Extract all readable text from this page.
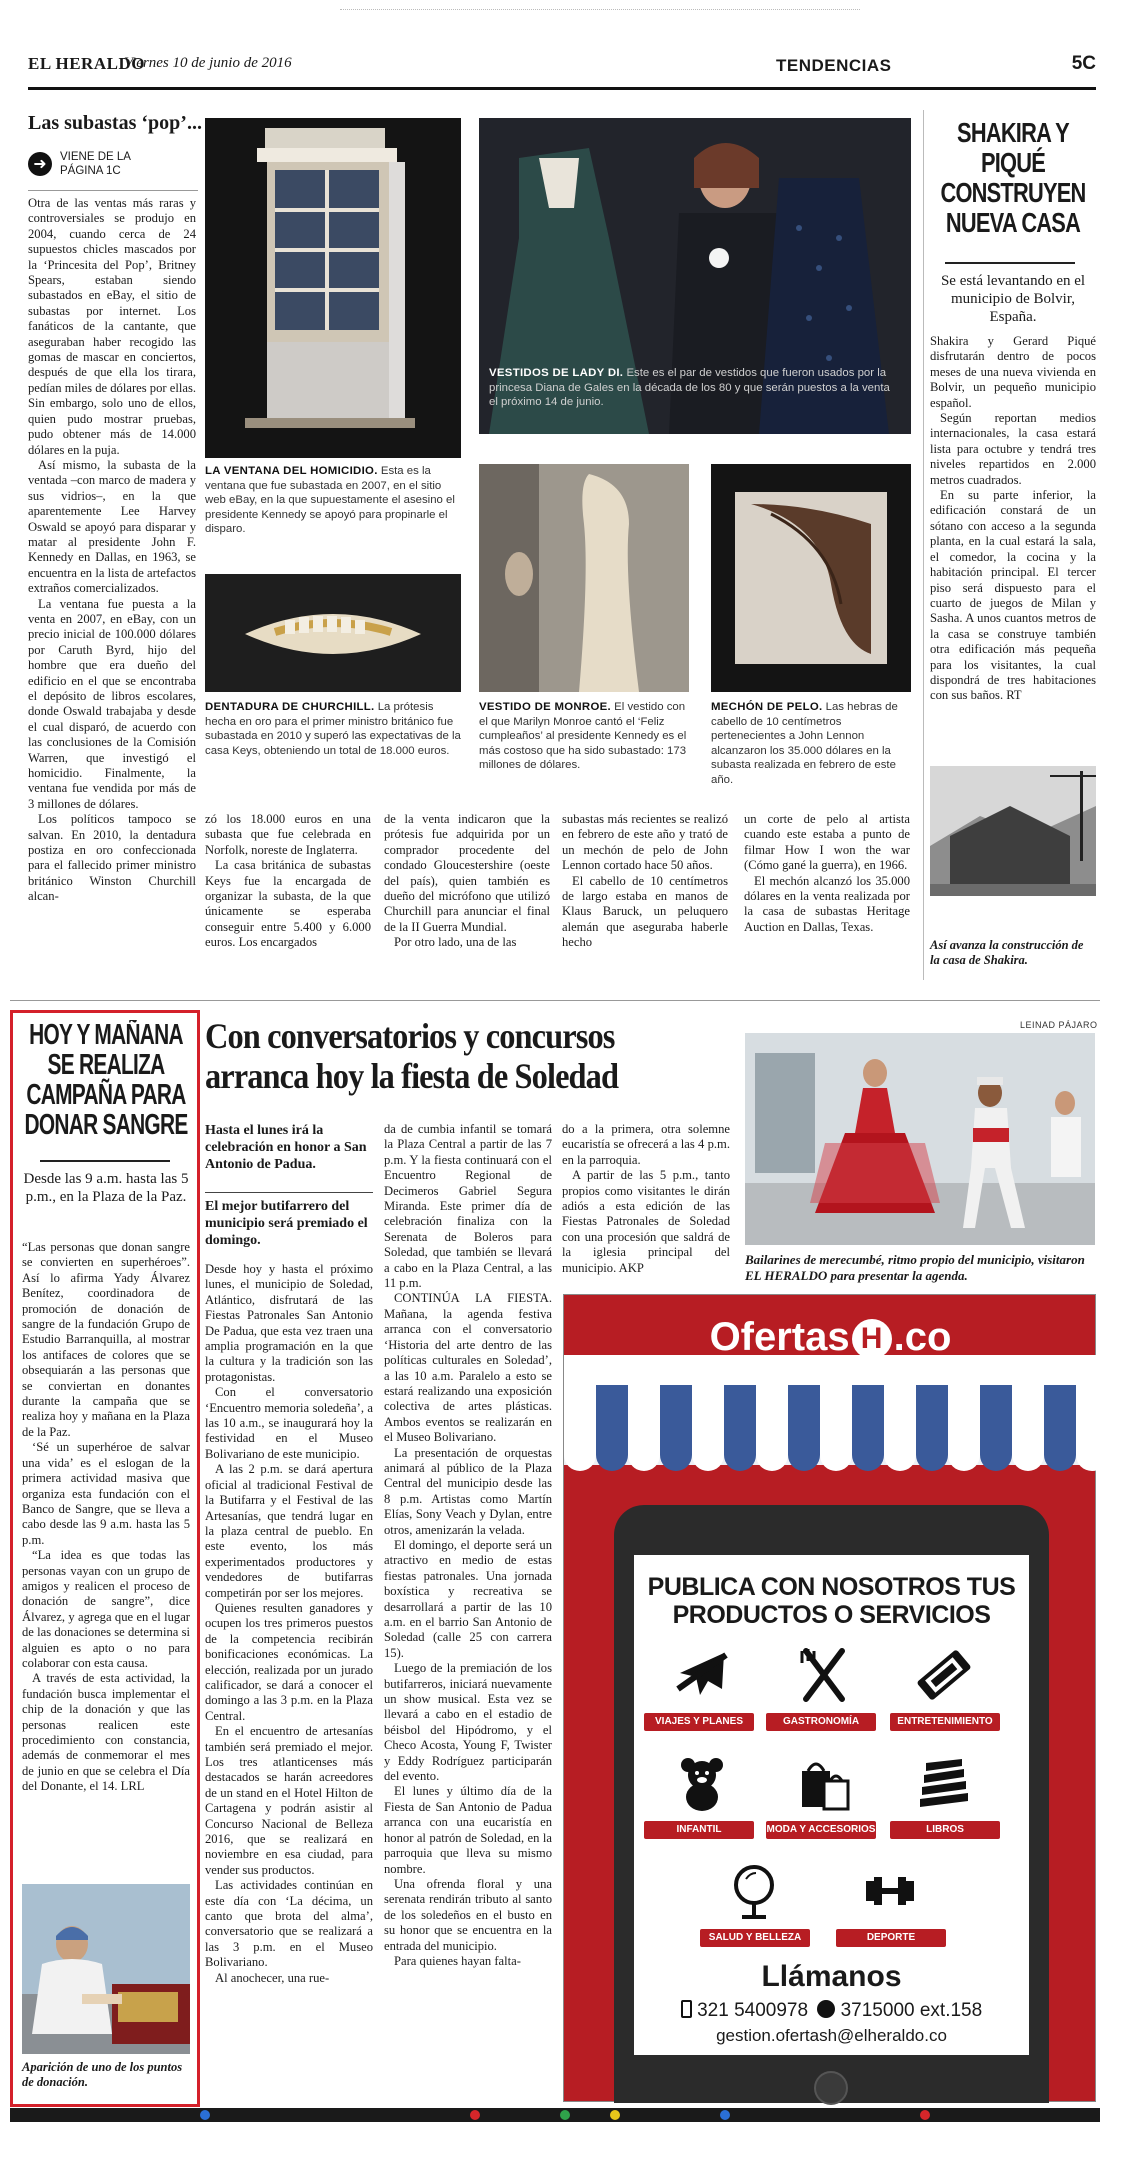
EL HERALDO
Viernes 10 de junio de 2016	TENDENCIAS	5C
Las subastas ‘pop’...
➜	VIENE DE LA PÁGINA 1C

Otra de las ventas más raras y controversiales se produjo en 2004, cuando cerca de 24 supuestos chicles mascados por la ‘Princesita del Pop’, Britney Spears, estaban siendo subastados en eBay, el sitio de subastas por internet. Los fanáticos de la cantante, que aseguraban haber recogido las gomas de mascar en conciertos, después de que ella los tirara, pedían miles de dólares por ellas. Sin embargo, solo uno de ellos, quien pudo mostrar pruebas, pudo obtener más de 14.000 dólares en la puja.

Así mismo, la subasta de la ventada –con marco de madera y sus vidrios–, en la que aparentemente Lee Harvey Oswald se apoyó para disparar y matar al presidente John F. Kennedy en Dallas, en 1963, se encuentra en la lista de artefactos extraños comercializados.

La ventana fue puesta a la venta en 2007, en eBay, con un precio inicial de 100.000 dólares por Caruth Byrd, hijo del hombre que era dueño del edificio en el que se encontraba el depósito de libros escolares, donde Oswald trabajaba y desde el cual disparó, de acuerdo con las conclusiones de la Comisión Warren, que investigó el homicidio. Finalmente, la ventana fue vendida por más de 3 millones de dólares.

Los políticos tampoco se salvan. En 2010, la dentadura postiza en oro confeccionada para el fallecido primer ministro británico Winston Churchill alcan-

LA VENTANA DEL HOMICIDIO. Esta es la ventana que fue subastada en 2007, en el sitio web eBay, en la que supuestamente el asesino el presidente Kennedy se apoyó para propinarle el disparo.
VESTIDOS DE LADY DI. Este es el par de vestidos que fueron usados por la princesa Diana de Gales en la década de los 80 y que serán puestos a la venta el próximo 14 de junio.
DENTADURA DE CHURCHILL. La prótesis hecha en oro para el primer ministro británico fue subastada en 2010 y superó las expectativas de la casa Keys, obteniendo un total de 18.000 euros.
VESTIDO DE MONROE. El vestido con el que Marilyn Monroe cantó el ‘Feliz cumpleaños’ al presidente Kennedy es el más costoso que ha sido subastado: 173 millones de dólares.
MECHÓN DE PELO. Las hebras de cabello de 10 centímetros pertenecientes a John Lennon alcanzaron los 35.000 dólares en la subasta realizada en febrero de este año.

zó los 18.000 euros en una subasta que fue celebrada en Norfolk, noreste de Inglaterra.

La casa británica de subastas Keys fue la encargada de organizar la subasta, de la que únicamente se esperaba conseguir entre 5.400 y 6.000 euros. Los encargados

de la venta indicaron que la prótesis fue adquirida por un comprador procedente del condado Gloucestershire (oeste del país), quien también es dueño del micrófono que utilizó Churchill para anunciar el final de la II Guerra Mundial.

Por otro lado, una de las

subastas más recientes se realizó en febrero de este año y trató de un mechón de pelo de John Lennon cortado hace 50 años.

El cabello de 10 centímetros de largo estaba en manos de Klaus Baruck, un peluquero alemán que aseguraba haberle hecho

un corte de pelo al artista cuando este estaba a punto de filmar How I won the war (Cómo gané la guerra), en 1966.

El mechón alcanzó los 35.000 dólares en la venta realizada por la casa de subastas Heritage Auction en Dallas, Texas.

SHAKIRA Y PIQUÉ CONSTRUYEN NUEVA CASA
Se está levantando en el municipio de Bolvir, España.

Shakira y Gerard Piqué disfrutarán dentro de pocos meses de una nueva vivienda en Bolvir, un pequeño municipio español.

Según reportan medios internacionales, la casa estará lista para octubre y tendrá tres niveles repartidos en 2.000 metros cuadrados.

En su parte inferior, la edificación constará de un sótano con acceso a la segunda planta, en la cual estará la sala, el comedor, la cocina y la habitación principal. El tercer piso será dispuesto para el cuarto de juegos de Milan y Sasha. A unos cuantos metros de la casa se construye también otra edificación más pequeña para los visitantes, la cual dispondrá de tres habitaciones con sus baños. RT

Así avanza la construcción de la casa de Shakira.
HOY Y MAÑANA SE REALIZA CAMPAÑA PARA DONAR SANGRE
Desde las 9 a.m. hasta las 5 p.m., en la Plaza de la Paz.

“Las personas que donan sangre se convierten en superhéroes”. Así lo afirma Yady Álvarez Benítez, coordinadora de promoción de donación de sangre de la fundación Grupo de Estudio Barranquilla, al mostrar los antifaces de colores que se obsequiarán a las personas que se conviertan en donantes durante la campaña que se realiza hoy y mañana en la Plaza de la Paz.

‘Sé un superhéroe de salvar una vida’ es el eslogan de la primera actividad masiva que organiza esta fundación con el Banco de Sangre, que se lleva a cabo desde las 9 a.m. hasta las 5 p.m.

“La idea es que todas las personas vayan con un grupo de amigos y realicen el proceso de donación de sangre”, dice Álvarez, y agrega que en el lugar de las donaciones se determina si alguien es apto o no para colaborar con esta causa.

A través de esta actividad, la fundación busca implementar el chip de la donación y que las personas realicen este procedimiento con constancia, además de conmemorar el mes de junio en que se celebra el Día del Donante, el 14. LRL

Aparición de uno de los puntos de donación.
Con conversatorios y concursos
arranca hoy la fiesta de Soledad
Hasta el lunes irá la celebración en honor a San Antonio de Padua.
El mejor butifarrero del municipio será premiado el domingo.

Desde hoy y hasta el próximo lunes, el municipio de Soledad, Atlántico, disfrutará de las Fiestas Patronales San Antonio De Padua, que esta vez traen una amplia programación en la que la cultura y la tradición son las protagonistas.

Con el conversatorio ‘Encuentro memoria soledeña’, a las 10 a.m., se inaugurará hoy la festividad en el Museo Bolivariano de este municipio.

A las 2 p.m. se dará apertura oficial al tradicional Festival de la Butifarra y el Festival de las Artesanías, que tendrá lugar en la plaza central de pueblo. En este evento, los más experimentados productores y vendedores de butifarras competirán por ser los mejores.

Quienes resulten ganadores y ocupen los tres primeros puestos de la competencia recibirán bonificaciones económicas. La elección, realizada por un jurado calificador, se dará a conocer el domingo a las 3 p.m. en la Plaza Central.

En el encuentro de artesanías también será premiado el mejor. Los tres atlanticenses más destacados se harán acreedores de un stand en el Hotel Hilton de Cartagena y podrán asistir al Concurso Nacional de Belleza 2016, que se realizará en noviembre en esa ciudad, para vender sus productos.

Las actividades continúan en este día con ‘La décima, un canto que brota del alma’, conversatorio que se realizará a las 3 p.m. en el Museo Bolivariano.

Al anochecer, una rue-

da de cumbia infantil se tomará la Plaza Central a partir de las 7 p.m. Y la fiesta continuará con el Encuentro Regional de Decimeros Gabriel Segura Miranda. Este primer día de celebración finaliza con la Serenata de Boleros para Soledad, que también se llevará a cabo en la Plaza Central, a las 11 p.m.

CONTINÚA LA FIESTA. Mañana, la agenda festiva arranca con el conversatorio ‘Historia del arte dentro de las políticas culturales en Soledad’, a las 10 a.m. Paralelo a esto se estará realizando una exposición colectiva de artes plásticas. Ambos eventos se realizarán en el Museo Bolivariano.

La presentación de orquestas animará al público de la Plaza Central del municipio desde las 8 p.m. Artistas como Martín Elías, Sony Veach y Dylan, entre otros, amenizarán la velada.

El domingo, el deporte será un atractivo en medio de estas fiestas patronales. Una jornada boxística y recreativa se desarrollará a partir de las 10 a.m. en el barrio San Antonio de Soledad (calle 25 con carrera 15).

Luego de la premiación de los butifarreros, iniciará nuevamente un show musical. Esta vez se llevará a cabo en el estadio de béisbol del Hipódromo, y el Checo Acosta, Young F, Twister y Eddy Rodríguez participarán del evento.

El lunes y último día de la Fiesta de San Antonio de Padua arranca con una eucaristía en honor al patrón de Soledad, en la parroquia que lleva su mismo nombre.

Una ofrenda floral y una serenata rendirán tributo al santo de los soledeños en el busto en su honor que se encuentra en la entrada del municipio.

Para quienes hayan falta-

do a la primera, otra solemne eucaristía se ofrecerá a las 4 p.m. en la parroquia.

A partir de las 5 p.m., tanto propios como visitantes le dirán adiós a esta edición de las Fiestas Patronales de Soledad con una procesión que saldrá de la iglesia principal del municipio. AKP

LEINAD PÁJARO
Bailarines de merecumbé, ritmo propio del municipio, visitaron EL HERALDO para presentar la agenda.
Ofertas H .co
PUBLICA CON NOSOTROS TUS
PRODUCTOS O SERVICIOS
VIAJES Y PLANES	GASTRONOMÍA	ENTRETENIMIENTO
INFANTIL	MODA Y ACCESORIOS	LIBROS
SALUD Y BELLEZA	DEPORTE
Llámanos
321 5400978 3715000 ext.158
gestion.ofertash@elheraldo.co
